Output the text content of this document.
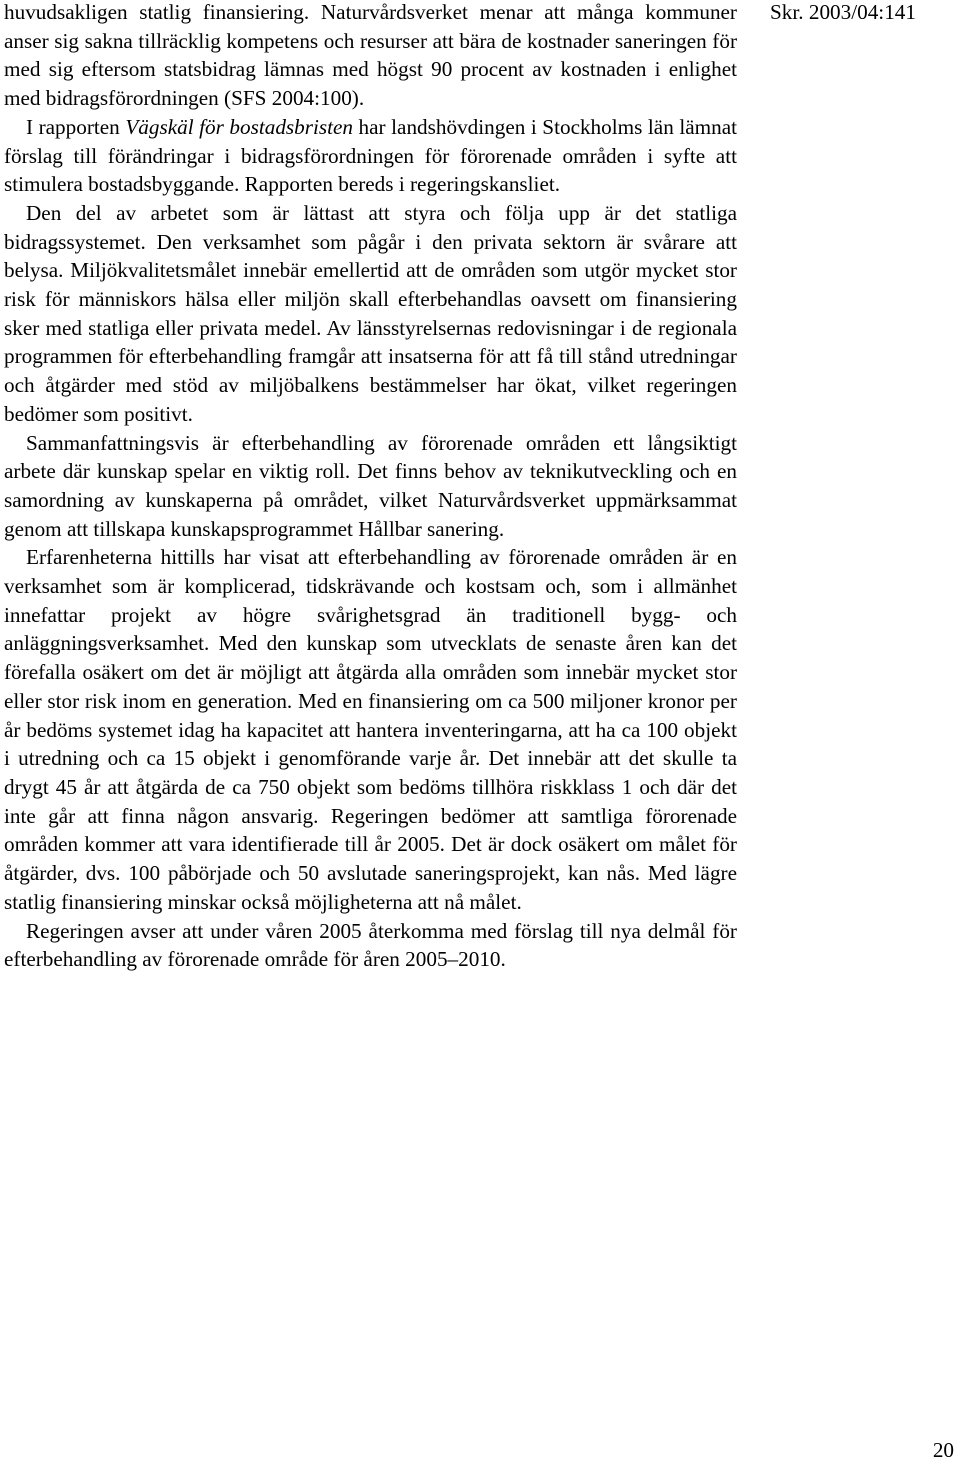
huvudsakligen statlig finansiering. Naturvårdsverket menar att många kommuner anser sig sakna tillräcklig kompetens och resurser att bära de kostnader saneringen för med sig eftersom statsbidrag lämnas med högst 90 procent av kostnaden i enlighet med bidragsförordningen (SFS 2004:100).

I rapporten Vägskäl för bostadsbristen har landshövdingen i Stockholms län lämnat förslag till förändringar i bidragsförordningen för förorenade områden i syfte att stimulera bostadsbyggande. Rapporten bereds i regeringskansliet.

Den del av arbetet som är lättast att styra och följa upp är det statliga bidragssystemet. Den verksamhet som pågår i den privata sektorn är svårare att belysa. Miljökvalitetsmålet innebär emellertid att de områden som utgör mycket stor risk för människors hälsa eller miljön skall efterbehandlas oavsett om finansiering sker med statliga eller privata medel. Av länsstyrelsernas redovisningar i de regionala programmen för efterbehandling framgår att insatserna för att få till stånd utredningar och åtgärder med stöd av miljöbalkens bestämmelser har ökat, vilket regeringen bedömer som positivt.

Sammanfattningsvis är efterbehandling av förorenade områden ett långsiktigt arbete där kunskap spelar en viktig roll. Det finns behov av teknikutveckling och en samordning av kunskaperna på området, vilket Naturvårdsverket uppmärksammat genom att tillskapa kunskapsprogrammet Hållbar sanering.

Erfarenheterna hittills har visat att efterbehandling av förorenade områden är en verksamhet som är komplicerad, tidskrävande och kostsam och, som i allmänhet innefattar projekt av högre svårighetsgrad än traditionell bygg- och anläggningsverksamhet. Med den kunskap som utvecklats de senaste åren kan det förefalla osäkert om det är möjligt att åtgärda alla områden som innebär mycket stor eller stor risk inom en generation. Med en finansiering om ca 500 miljoner kronor per år bedöms systemet idag ha kapacitet att hantera inventeringarna, att ha ca 100 objekt i utredning och ca 15 objekt i genomförande varje år. Det innebär att det skulle ta drygt 45 år att åtgärda de ca 750 objekt som bedöms tillhöra riskklass 1 och där det inte går att finna någon ansvarig. Regeringen bedömer att samtliga förorenade områden kommer att vara identifierade till år 2005. Det är dock osäkert om målet för åtgärder, dvs. 100 påbörjade och 50 avslutade saneringsprojekt, kan nås. Med lägre statlig finansiering minskar också möjligheterna att nå målet.

Regeringen avser att under våren 2005 återkomma med förslag till nya delmål för efterbehandling av förorenade område för åren 2005–2010.

Skr. 2003/04:141
20
